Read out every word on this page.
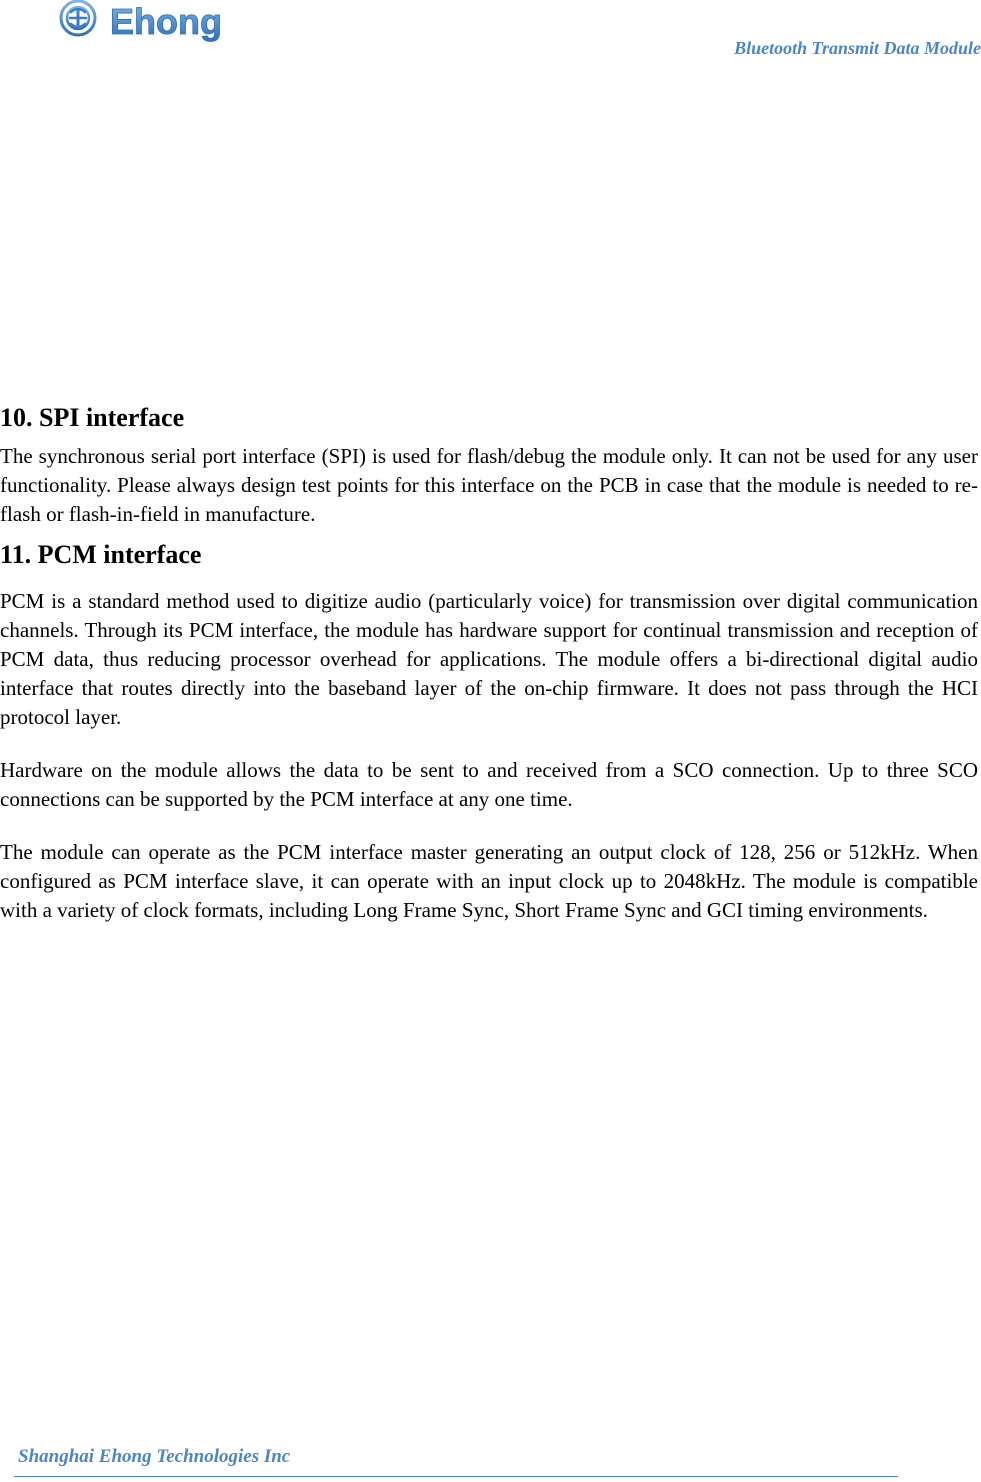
Ehong
Bluetooth Transmit Data Module
10. SPI interface

The synchronous serial port interface (SPI) is used for flash/debug the module only. It can not be used for any user functionality. Please always design test points for this interface on the PCB in case that the module is needed to re-flash or flash-in-field in manufacture.

11. PCM interface

PCM is a standard method used to digitize audio (particularly voice) for transmission over digital communication channels. Through its PCM interface, the module has hardware support for continual transmission and reception of PCM data, thus reducing processor overhead for applications. The module offers a bi-directional digital audio interface that routes directly into the baseband layer of the on-chip firmware. It does not pass through the HCI protocol layer.

Hardware on the module allows the data to be sent to and received from a SCO connection. Up to three SCO connections can be supported by the PCM interface at any one time.

The module can operate as the PCM interface master generating an output clock of 128, 256 or 512kHz. When configured as PCM interface slave, it can operate with an input clock up to 2048kHz. The module is compatible with a variety of clock formats, including Long Frame Sync, Short Frame Sync and GCI timing environments.

Shanghai Ehong Technologies Inc
